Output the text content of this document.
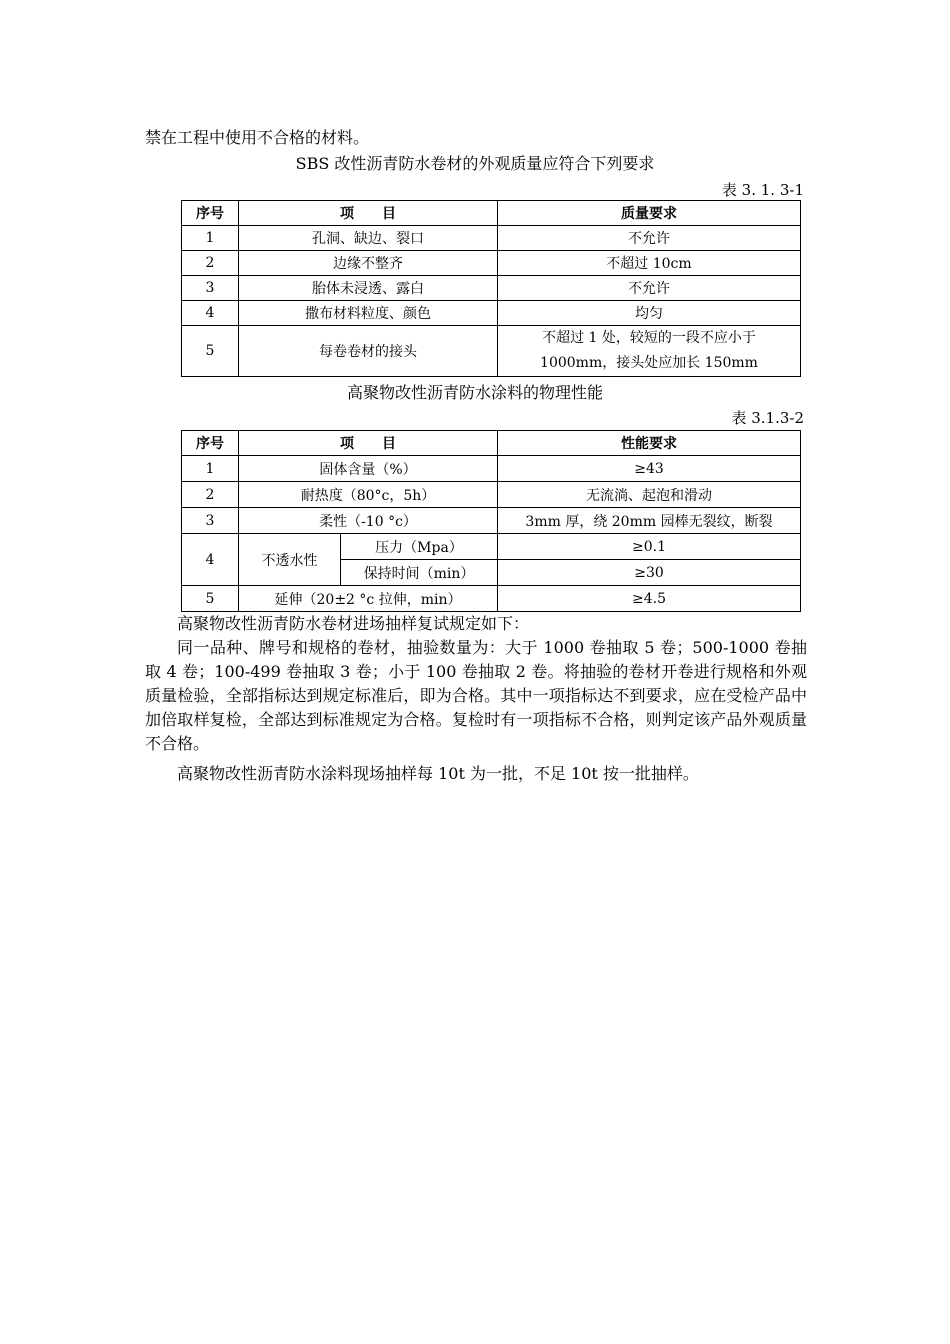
禁在工程中使用不合格的材料。
SBS 改性沥青防水卷材的外观质量应符合下列要求
表 3. 1. 3-1
序号	项　　目	质量要求
1	孔洞、缺边、裂口	不允许
2	边缘不整齐	不超过 10cm
3	胎体未浸透、露白	不允许
4	撒布材料粒度、颜色	均匀
5	每卷卷材的接头	不超过 1 处，较短的一段不应小于
1000mm，接头处应加长 150mm
高聚物改性沥青防水涂料的物理性能
表 3.1.3-2
序号	项　　目		性能要求
1	固体含量（%）		≥43
2	耐热度（80°c，5h）		无流淌、起泡和滑动
3	柔性（-10 °c）		3mm 厚，绕 20mm 园棒无裂纹，断裂
4	不透水性	压力（Mpa）	≥0.1
		保持时间（min）	≥30
5	延伸（20±2 °c 拉伸，min）		≥4.5
高聚物改性沥青防水卷材进场抽样复试规定如下：
同一品种、牌号和规格的卷材，抽验数量为：大于 1000 卷抽取 5 卷；500-1000 卷抽取 4 卷；100-499 卷抽取 3 卷；小于 100 卷抽取 2 卷。将抽验的卷材开卷进行规格和外观质量检验，全部指标达到规定标准后，即为合格。其中一项指标达不到要求，应在受检产品中加倍取样复检，全部达到标准规定为合格。复检时有一项指标不合格，则判定该产品外观质量不合格。
高聚物改性沥青防水涂料现场抽样每 10t 为一批，不足 10t 按一批抽样。
